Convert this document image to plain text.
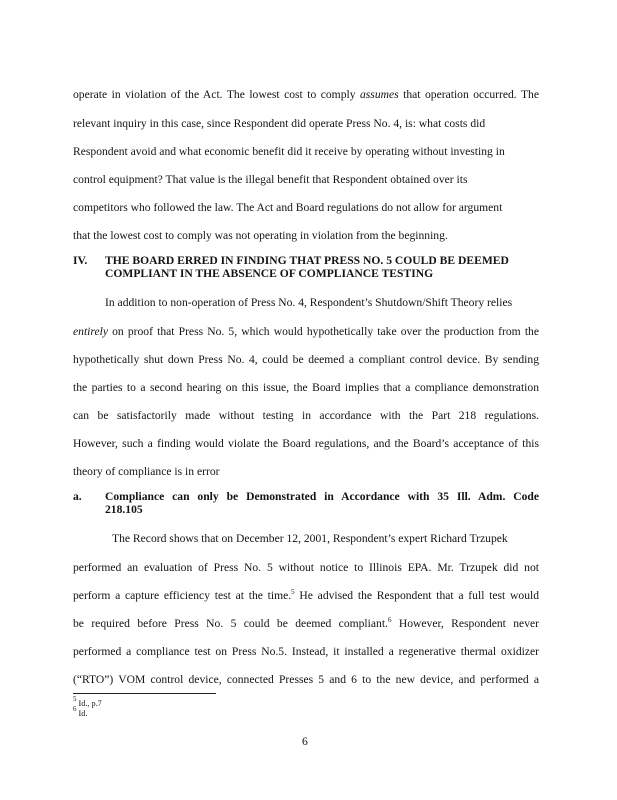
operate in violation of the Act. The lowest cost to comply assumes that operation occurred. The
relevant inquiry in this case, since Respondent did operate Press No. 4, is: what costs did
Respondent avoid and what economic benefit did it receive by operating without investing in
control equipment? That value is the illegal benefit that Respondent obtained over its
competitors who followed the law. The Act and Board regulations do not allow for argument
that the lowest cost to comply was not operating in violation from the beginning.
IV. THE BOARD ERRED IN FINDING THAT PRESS NO. 5 COULD BE DEEMED
COMPLIANT IN THE ABSENCE OF COMPLIANCE TESTING
In addition to non-operation of Press No. 4, Respondent’s Shutdown/Shift Theory relies
entirely on proof that Press No. 5, which would hypothetically take over the production from the
hypothetically shut down Press No. 4, could be deemed a compliant control device. By sending
the parties to a second hearing on this issue, the Board implies that a compliance demonstration
can be satisfactorily made without testing in accordance with the Part 218 regulations.
However, such a finding would violate the Board regulations, and the Board’s acceptance of this
theory of compliance is in error
a. Compliance can only be Demonstrated in Accordance with 35 Ill. Adm. Code
218.105
The Record shows that on December 12, 2001, Respondent’s expert Richard Trzupek
performed an evaluation of Press No. 5 without notice to Illinois EPA. Mr. Trzupek did not
perform a capture efficiency test at the time.$^5$ He advised the Respondent that a full test would
be required before Press No. 5 could be deemed compliant.$^6$ However, Respondent never
performed a compliance test on Press No.5. Instead, it installed a regenerative thermal oxidizer
(“RTO”) VOM control device, connected Presses 5 and 6 to the new device, and performed a
$^5$ Id., p.7
$^6$ Id.
6
